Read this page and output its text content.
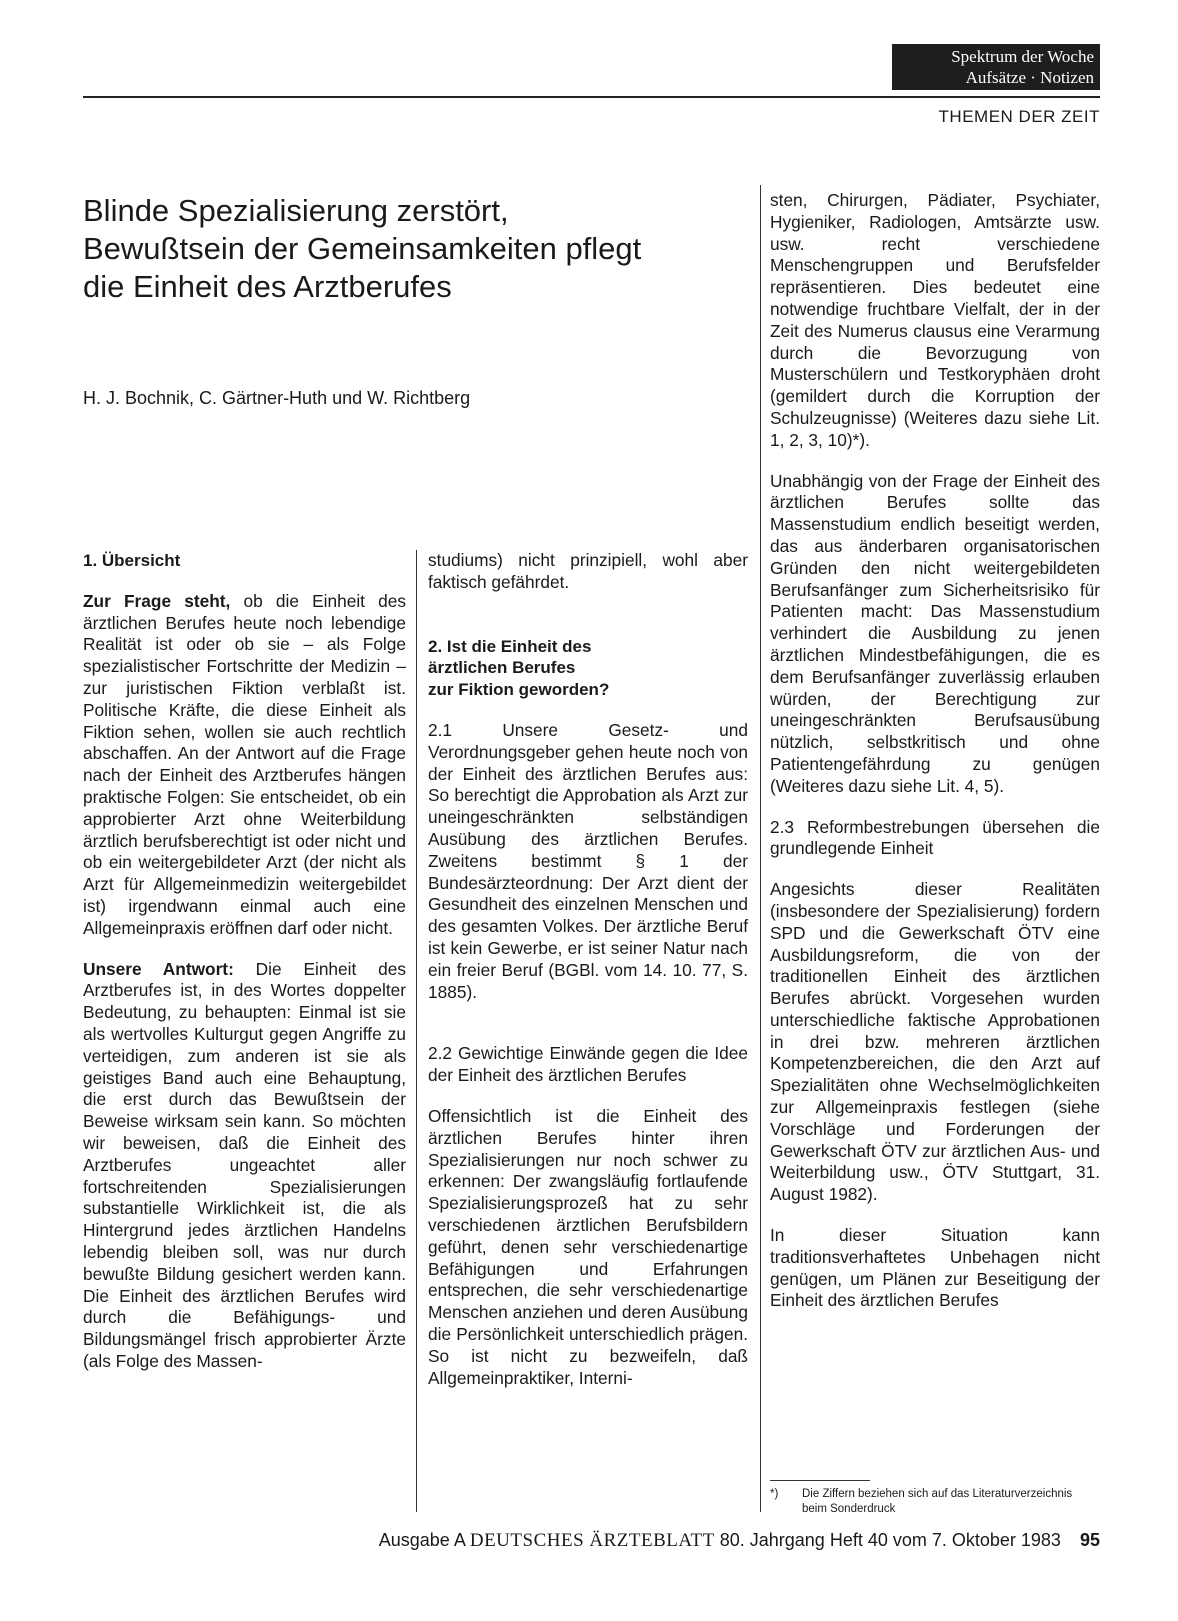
Spektrum der Woche
Aufsätze · Notizen
THEMEN DER ZEIT
Blinde Spezialisierung zerstört,
Bewußtsein der Gemeinsamkeiten pflegt
die Einheit des Arztberufes
H. J. Bochnik, C. Gärtner-Huth und W. Richtberg
1. Übersicht

Zur Frage steht, ob die Einheit des ärztlichen Berufes heute noch lebendige Realität ist oder ob sie – als Folge spezialistischer Fortschritte der Medizin – zur juristischen Fiktion verblaßt ist. Politische Kräfte, die diese Einheit als Fiktion sehen, wollen sie auch rechtlich abschaffen. An der Antwort auf die Frage nach der Einheit des Arztberufes hängen praktische Folgen: Sie entscheidet, ob ein approbierter Arzt ohne Weiterbildung ärztlich berufsberechtigt ist oder nicht und ob ein weitergebildeter Arzt (der nicht als Arzt für Allgemeinmedizin weitergebildet ist) irgendwann einmal auch eine Allgemeinpraxis eröffnen darf oder nicht.

Unsere Antwort: Die Einheit des Arztberufes ist, in des Wortes doppelter Bedeutung, zu behaupten: Einmal ist sie als wertvolles Kulturgut gegen Angriffe zu verteidigen, zum anderen ist sie als geistiges Band auch eine Behauptung, die erst durch das Bewußtsein der Beweise wirksam sein kann. So möchten wir beweisen, daß die Einheit des Arztberufes ungeachtet aller fortschreitenden Spezialisierungen substantielle Wirklichkeit ist, die als Hintergrund jedes ärztlichen Handelns lebendig bleiben soll, was nur durch bewußte Bildung gesichert werden kann. Die Einheit des ärztlichen Berufes wird durch die Befähigungs- und Bildungsmängel frisch approbierter Ärzte (als Folge des Massen-

studiums) nicht prinzipiell, wohl aber faktisch gefährdet.

2. Ist die Einheit des
ärztlichen Berufes
zur Fiktion geworden?

2.1 Unsere Gesetz- und Verordnungsgeber gehen heute noch von der Einheit des ärztlichen Berufes aus: So berechtigt die Approbation als Arzt zur uneingeschränkten selbständigen Ausübung des ärztlichen Berufes. Zweitens bestimmt § 1 der Bundesärzteordnung: Der Arzt dient der Gesundheit des einzelnen Menschen und des gesamten Volkes. Der ärztliche Beruf ist kein Gewerbe, er ist seiner Natur nach ein freier Beruf (BGBl. vom 14. 10. 77, S. 1885).

2.2 Gewichtige Einwände gegen die Idee der Einheit des ärztlichen Berufes

Offensichtlich ist die Einheit des ärztlichen Berufes hinter ihren Spezialisierungen nur noch schwer zu erkennen: Der zwangsläufig fortlaufende Spezialisierungsprozeß hat zu sehr verschiedenen ärztlichen Berufsbildern geführt, denen sehr verschiedenartige Befähigungen und Erfahrungen entsprechen, die sehr verschiedenartige Menschen anziehen und deren Ausübung die Persönlichkeit unterschiedlich prägen. So ist nicht zu bezweifeln, daß Allgemeinpraktiker, Interni-

sten, Chirurgen, Pädiater, Psychiater, Hygieniker, Radiologen, Amtsärzte usw. usw. recht verschiedene Menschengruppen und Berufsfelder repräsentieren. Dies bedeutet eine notwendige fruchtbare Vielfalt, der in der Zeit des Numerus clausus eine Verarmung durch die Bevorzugung von Musterschülern und Testkoryphäen droht (gemildert durch die Korruption der Schulzeugnisse) (Weiteres dazu siehe Lit. 1, 2, 3, 10)*).

Unabhängig von der Frage der Einheit des ärztlichen Berufes sollte das Massenstudium endlich beseitigt werden, das aus änderbaren organisatorischen Gründen den nicht weitergebildeten Berufsanfänger zum Sicherheitsrisiko für Patienten macht: Das Massenstudium verhindert die Ausbildung zu jenen ärztlichen Mindestbefähigungen, die es dem Berufsanfänger zuverlässig erlauben würden, der Berechtigung zur uneingeschränkten Berufsausübung nützlich, selbstkritisch und ohne Patientengefährdung zu genügen (Weiteres dazu siehe Lit. 4, 5).

2.3 Reformbestrebungen übersehen die grundlegende Einheit

Angesichts dieser Realitäten (insbesondere der Spezialisierung) fordern SPD und die Gewerkschaft ÖTV eine Ausbildungsreform, die von der traditionellen Einheit des ärztlichen Berufes abrückt. Vorgesehen wurden unterschiedliche faktische Approbationen in drei bzw. mehreren ärztlichen Kompetenzbereichen, die den Arzt auf Spezialitäten ohne Wechselmöglichkeiten zur Allgemeinpraxis festlegen (siehe Vorschläge und Forderungen der Gewerkschaft ÖTV zur ärztlichen Aus- und Weiterbildung usw., ÖTV Stuttgart, 31. August 1982).

In dieser Situation kann traditionsverhaftetes Unbehagen nicht genügen, um Plänen zur Beseitigung der Einheit des ärztlichen Berufes

*) Die Ziffern beziehen sich auf das Literaturverzeichnis beim Sonderdruck
Ausgabe A DEUTSCHES ÄRZTEBLATT 80. Jahrgang Heft 40 vom 7. Oktober 1983 95
